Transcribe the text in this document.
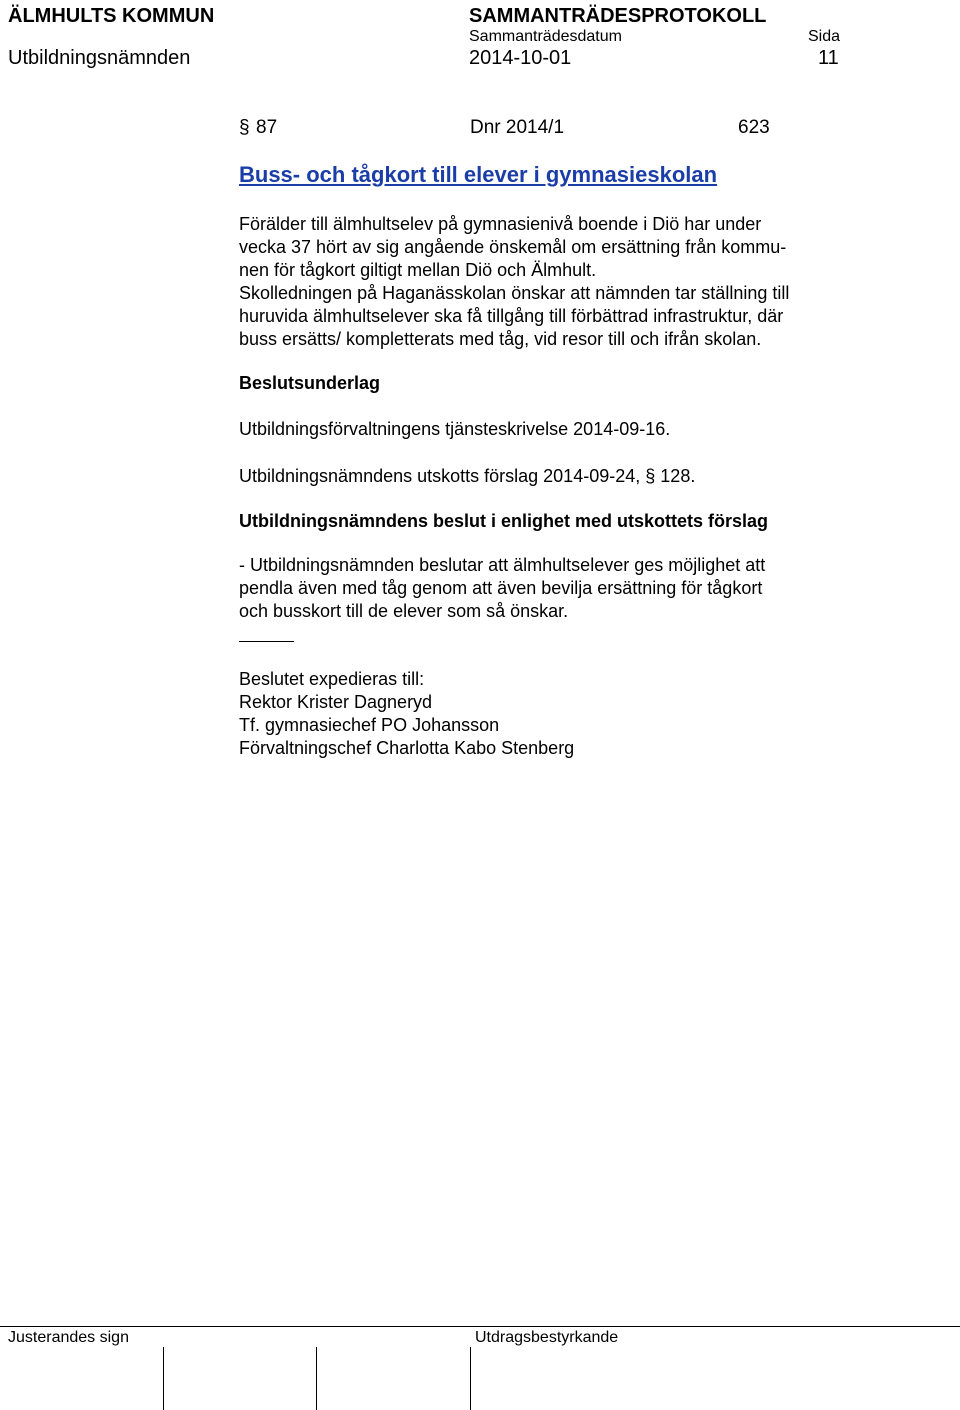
ÄLMHULTS KOMMUN	SAMMANTRÄDESPROTOKOLL
Sammanträdesdatum	Sida
Utbildningsnämnden	2014-10-01	11
§ 87	Dnr 2014/1	623
Buss- och tågkort till elever i gymnasieskolan
Förälder till älmhultselev på gymnasienivå boende i Diö har under
vecka 37 hört av sig angående önskemål om ersättning från kommu-
nen för tågkort giltigt mellan Diö och Älmhult.
Skolledningen på Haganässkolan önskar att nämnden tar ställning till
huruvida älmhultselever ska få tillgång till förbättrad infrastruktur, där
buss ersätts/ kompletterats med tåg, vid resor till och ifrån skolan.
Beslutsunderlag
Utbildningsförvaltningens tjänsteskrivelse 2014-09-16.
Utbildningsnämndens utskotts förslag 2014-09-24, § 128.
Utbildningsnämndens beslut i enlighet med utskottets förslag
- Utbildningsnämnden beslutar att älmhultselever ges möjlighet att
pendla även med tåg genom att även bevilja ersättning för tågkort
och busskort till de elever som så önskar.
Beslutet expedieras till:
Rektor Krister Dagneryd
Tf. gymnasiechef PO Johansson
Förvaltningschef Charlotta Kabo Stenberg
Justerandes sign	Utdragsbestyrkande
